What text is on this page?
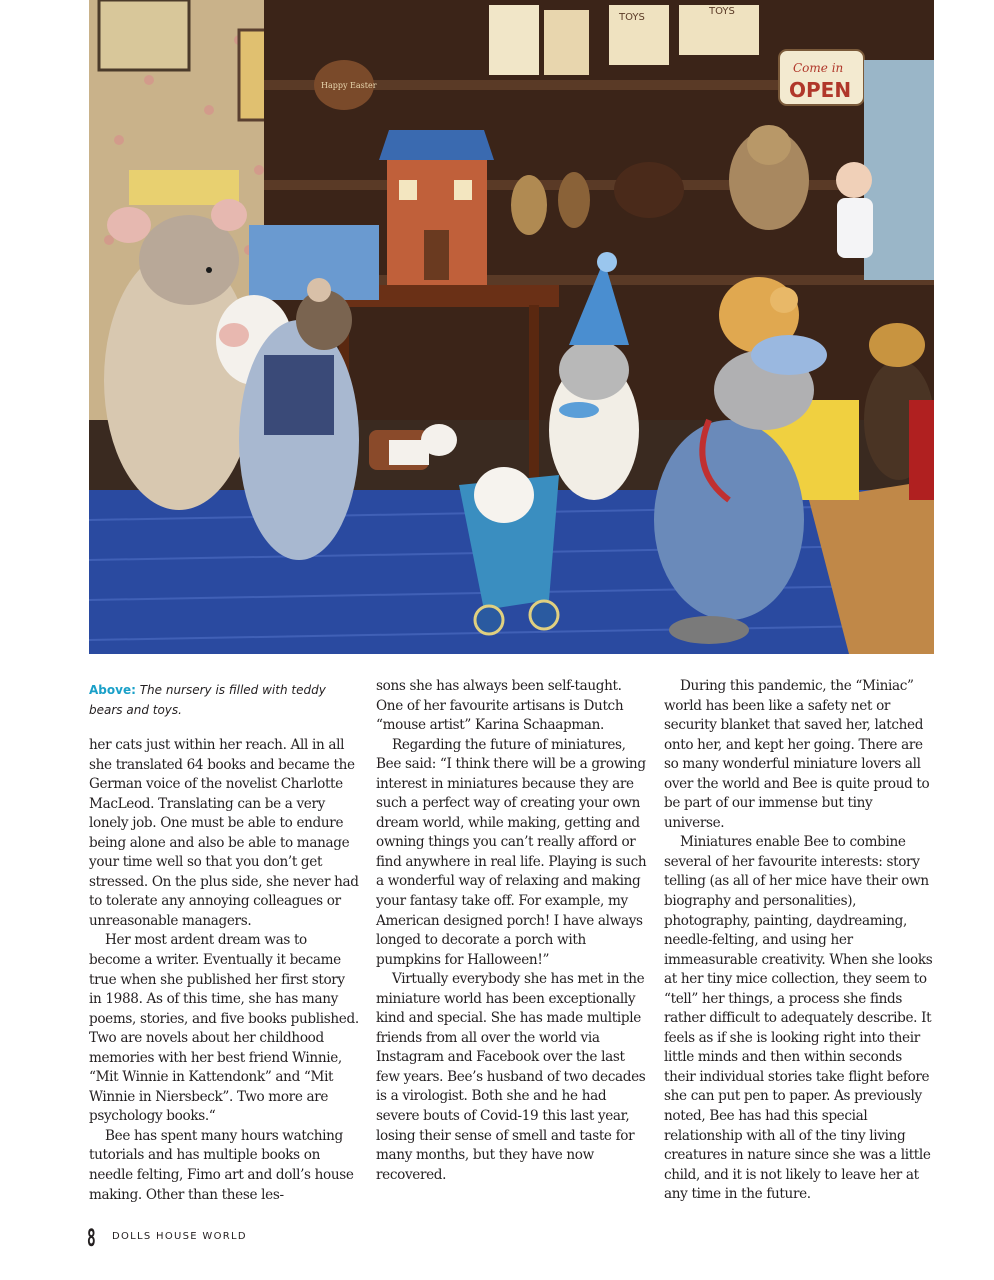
TOYS
TOYS
Happy Easter
Come in
OPEN
Above: The nursery is filled with teddy bears and toys.

her cats just within her reach. All in all she translated 64 books and became the German voice of the novelist Charlotte MacLeod. Translating can be a very lonely job. One must be able to endure being alone and also be able to manage your time well so that you don’t get stressed. On the plus side, she never had to tolerate any annoying colleagues or unreasonable managers.

Her most ardent dream was to become a writer. Eventually it became true when she published her first story in 1988. As of this time, she has many poems, stories, and five books published. Two are novels about her childhood memories with her best friend Winnie, “Mit Winnie in Kattendonk” and “Mit Winnie in Niersbeck”. Two more are psychology books.“

Bee has spent many hours watching tutorials and has multiple books on needle felting, Fimo art and doll’s house making. Other than these les-

sons she has always been self-taught. One of her favourite artisans is Dutch “mouse artist” Karina Schaapman.

Regarding the future of miniatures, Bee said: “I think there will be a growing interest in miniatures because they are such a perfect way of creating your own dream world, while making, getting and owning things you can’t really afford or find anywhere in real life. Playing is such a wonderful way of relaxing and making your fantasy take off. For example, my American designed porch! I have always longed to decorate a porch with pumpkins for Halloween!”

Virtually everybody she has met in the miniature world has been exceptionally kind and special. She has made multiple friends from all over the world via Instagram and Facebook over the last few years. Bee’s husband of two decades is a virologist. Both she and he had severe bouts of Covid-19 this last year, losing their sense of smell and taste for many months, but they have now recovered.

During this pandemic, the “Miniac” world has been like a safety net or security blanket that saved her, latched onto her, and kept her going. There are so many wonderful miniature lovers all over the world and Bee is quite proud to be part of our immense but tiny universe.

Miniatures enable Bee to combine several of her favourite interests: story telling (as all of her mice have their own biography and personalities), photography, painting, daydreaming, needle-felting, and using her immeasurable creativity. When she looks at her tiny mice collection, they seem to “tell” her things, a process she finds rather difficult to adequately describe. It feels as if she is looking right into their little minds and then within seconds their individual stories take flight before she can put pen to paper. As previously noted, Bee has had this special relationship with all of the tiny living creatures in nature since she was a little child, and it is not likely to leave her at any time in the future.

8 DOLLS HOUSE WORLD
